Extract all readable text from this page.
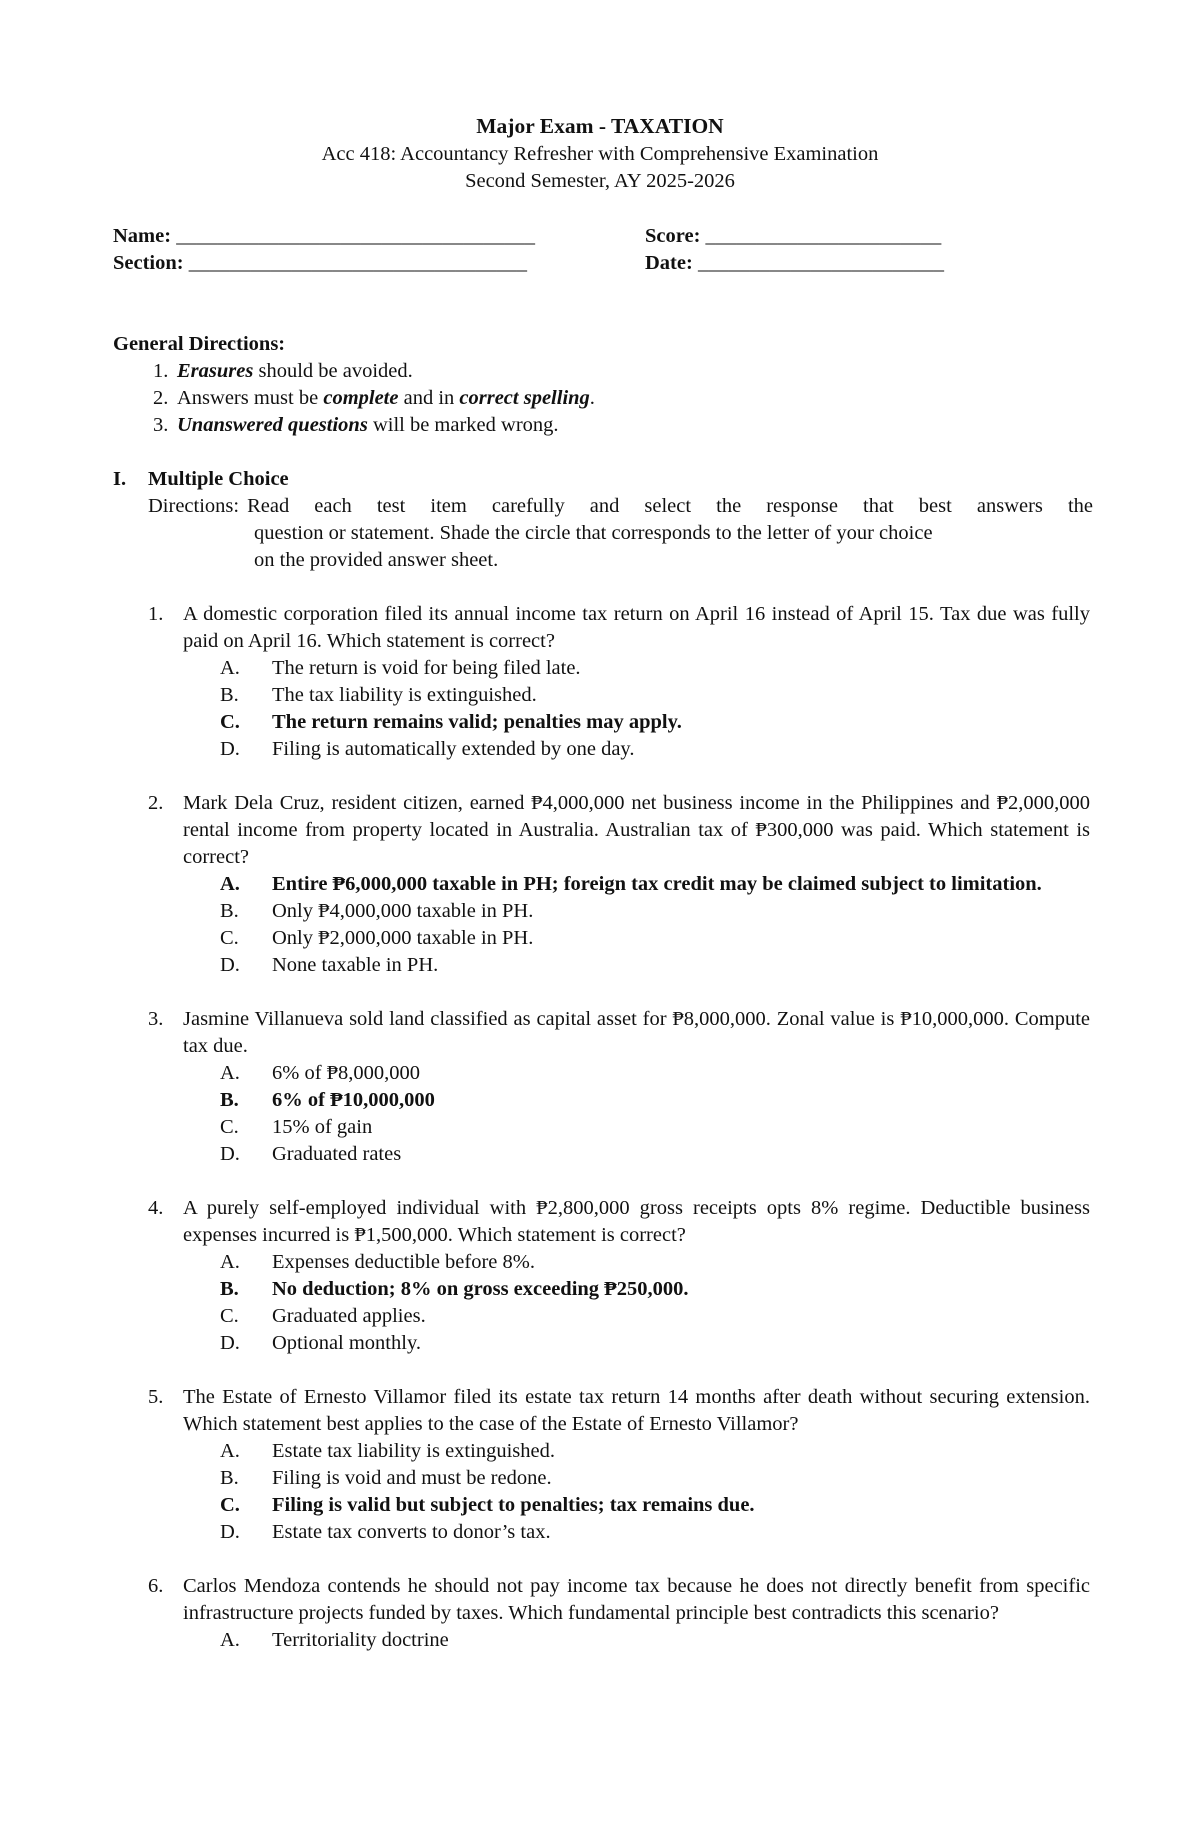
Major Exam - TAXATION
Acc 418: Accountancy Refresher with Comprehensive Examination
Second Semester, AY 2025-2026
Name: ___________________________________	Score: _______________________
Section: _________________________________	Date: ________________________
General Directions:
1. Erasures should be avoided.
2. Answers must be complete and in correct spelling.
3. Unanswered questions will be marked wrong.
I. Multiple Choice
Directions: Read each test item carefully and select the response that best answers the
question or statement. Shade the circle that corresponds to the letter of your choice
on the provided answer sheet.
1. A domestic corporation filed its annual income tax return on April 16 instead of April 15. Tax due was fully paid on April 16. Which statement is correct?
A. The return is void for being filed late.
B. The tax liability is extinguished.
C. The return remains valid; penalties may apply.
D. Filing is automatically extended by one day.
2. Mark Dela Cruz, resident citizen, earned ₱4,000,000 net business income in the Philippines and ₱2,000,000 rental income from property located in Australia. Australian tax of ₱300,000 was paid. Which statement is correct?
A. Entire ₱6,000,000 taxable in PH; foreign tax credit may be claimed subject to limitation.
B. Only ₱4,000,000 taxable in PH.
C. Only ₱2,000,000 taxable in PH.
D. None taxable in PH.
3. Jasmine Villanueva sold land classified as capital asset for ₱8,000,000. Zonal value is ₱10,000,000. Compute tax due.
A. 6% of ₱8,000,000
B. 6% of ₱10,000,000
C. 15% of gain
D. Graduated rates
4. A purely self-employed individual with ₱2,800,000 gross receipts opts 8% regime. Deductible business expenses incurred is ₱1,500,000. Which statement is correct?
A. Expenses deductible before 8%.
B. No deduction; 8% on gross exceeding ₱250,000.
C. Graduated applies.
D. Optional monthly.
5. The Estate of Ernesto Villamor filed its estate tax return 14 months after death without securing extension. Which statement best applies to the case of the Estate of Ernesto Villamor?
A. Estate tax liability is extinguished.
B. Filing is void and must be redone.
C. Filing is valid but subject to penalties; tax remains due.
D. Estate tax converts to donor’s tax.
6. Carlos Mendoza contends he should not pay income tax because he does not directly benefit from specific infrastructure projects funded by taxes. Which fundamental principle best contradicts this scenario?
A. Territoriality doctrine
